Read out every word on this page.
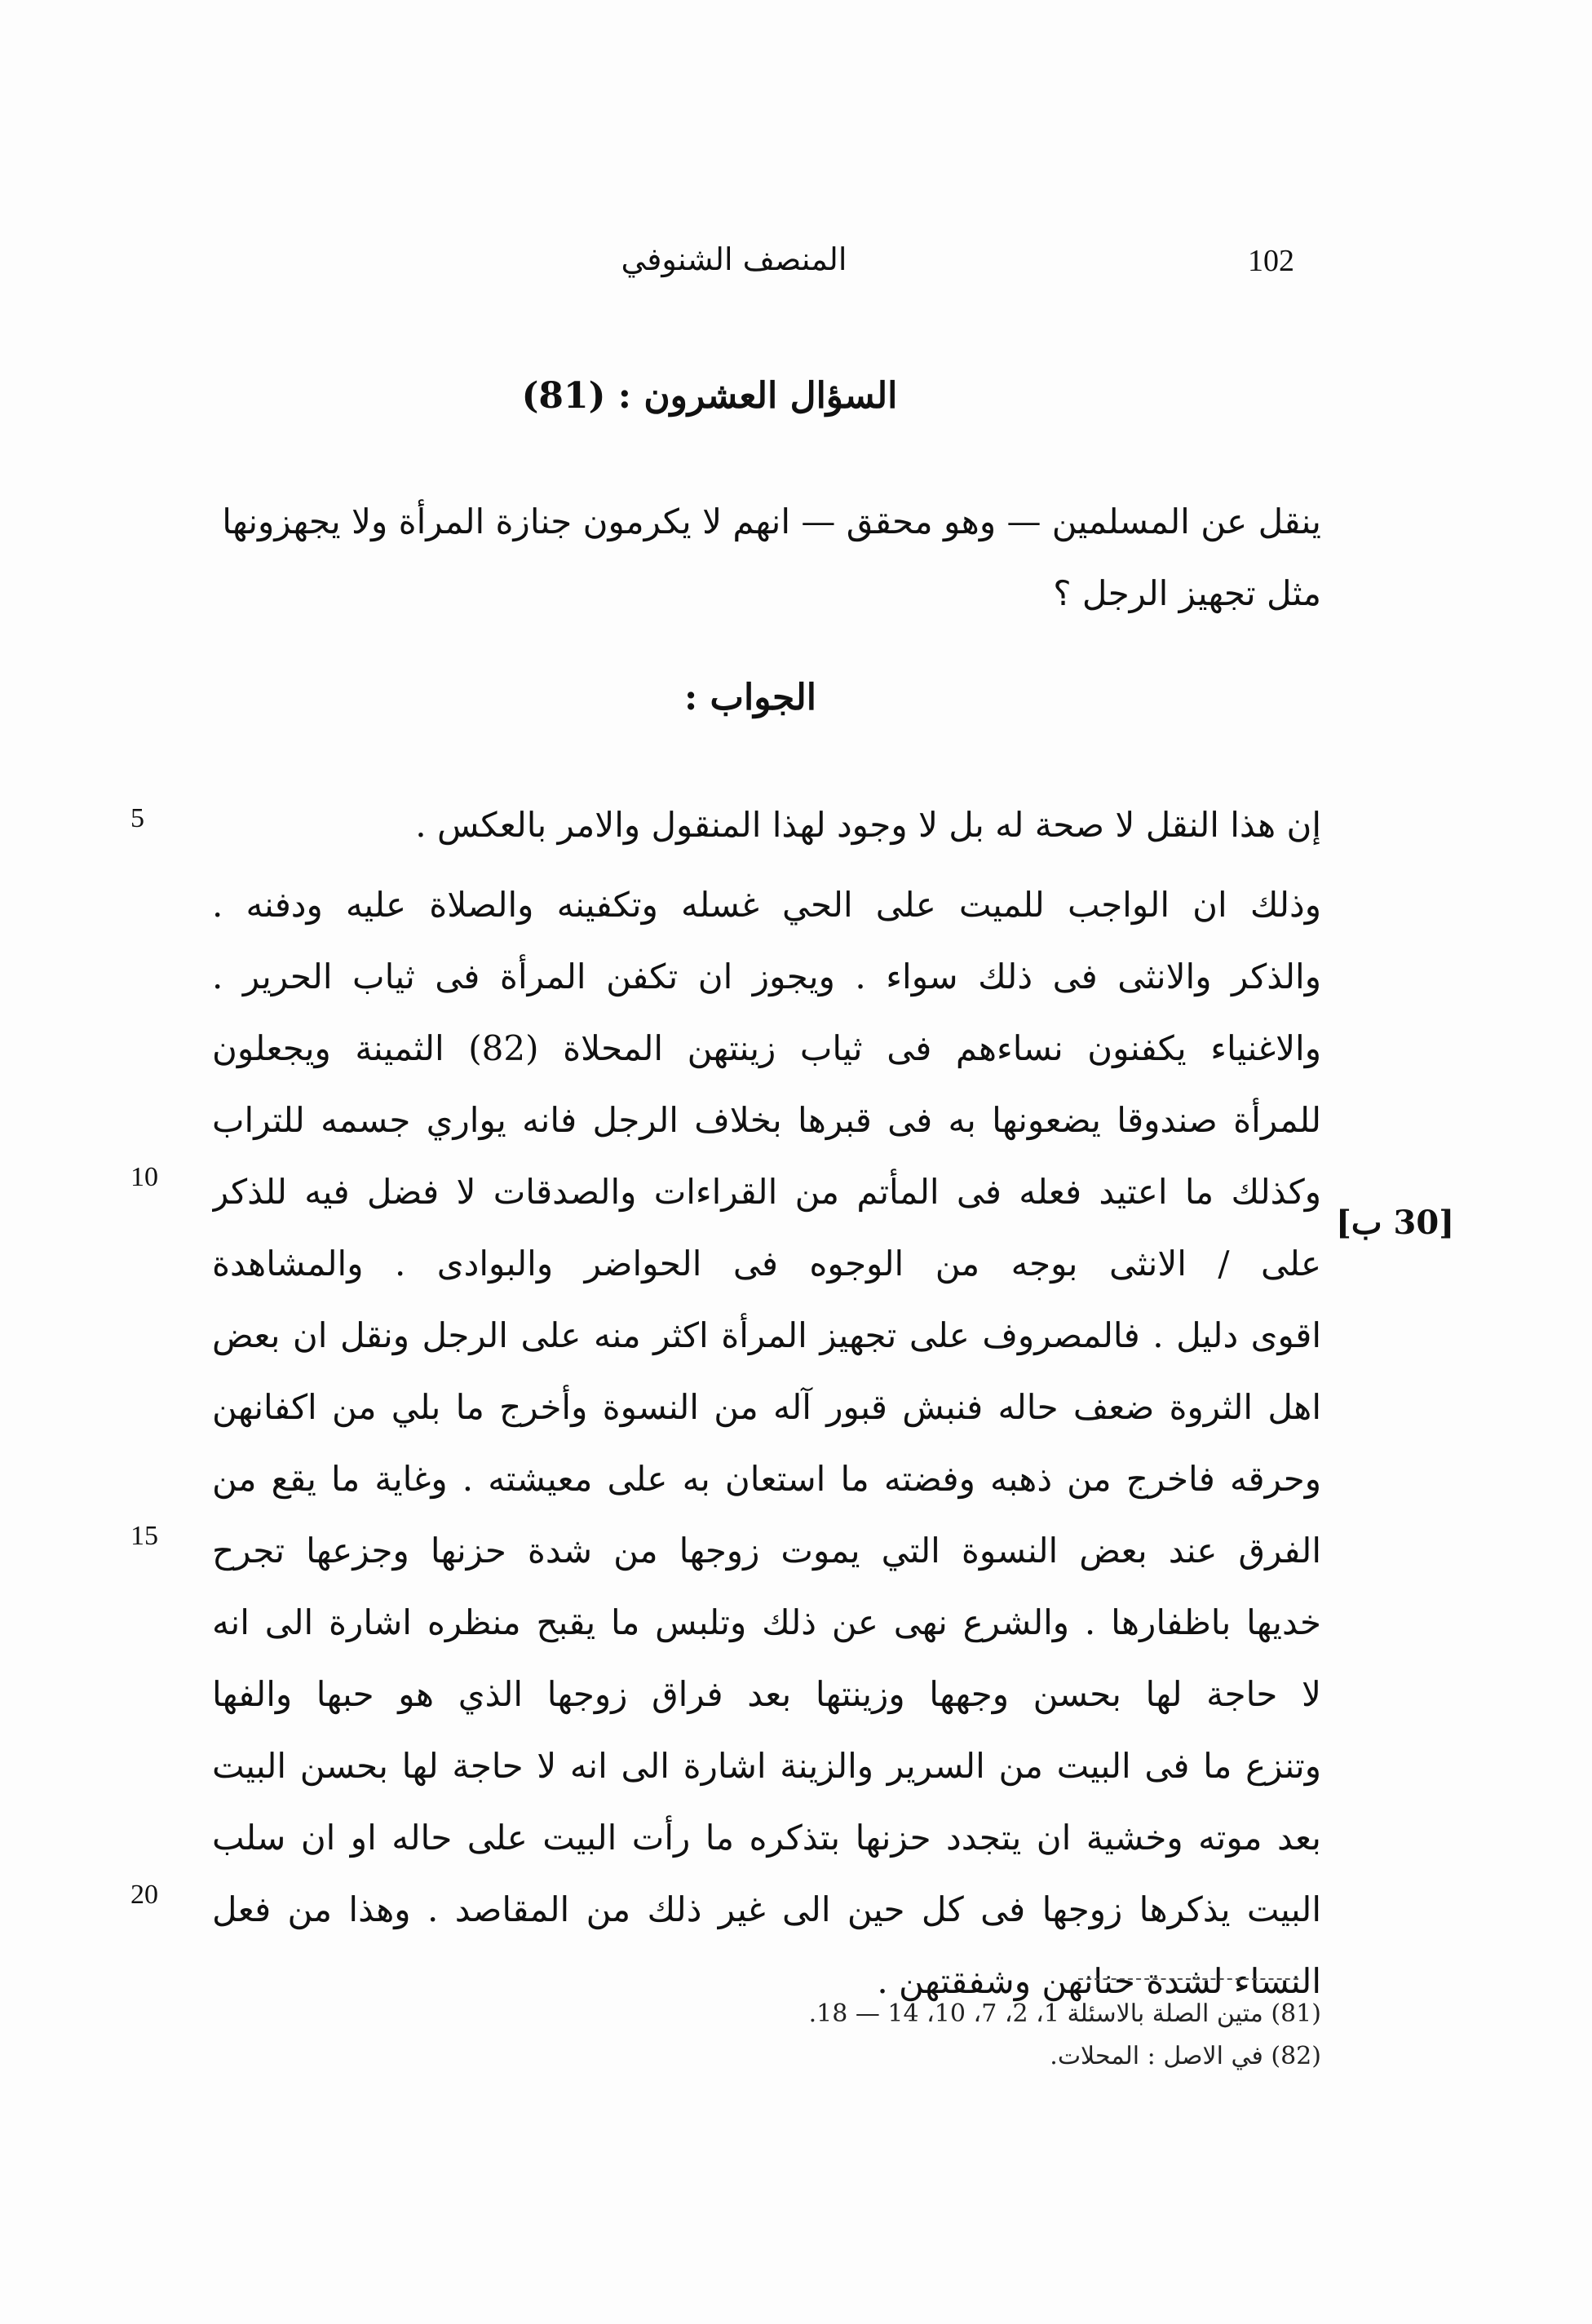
102
المنصف الشنوفي
السؤال العشرون : (81)
ينقل عن المسلمين — وهو محقق — انهم لا يكرمون جنازة المرأة ولا يجهزونها مثل تجهيز الرجل ؟
الجواب :
إن هذا النقل لا صحة له بل لا وجود لهذا المنقول والامر بالعكس .
وذلك ان الواجب للميت على الحي غسله وتكفينه والصلاة عليه ودفنه .
والذكر والانثى فى ذلك سواء . ويجوز ان تكفن المرأة فى ثياب الحرير .
والاغنياء يكفنون نساءهم فى ثياب زينتهن المحلاة (82) الثمينة ويجعلون
للمرأة صندوقا يضعونها به فى قبرها بخلاف الرجل فانه يواري جسمه للتراب
وكذلك ما اعتيد فعله فى المأتم من القراءات والصدقات لا فضل فيه للذكر
على / الانثى بوجه من الوجوه فى الحواضر والبوادى . والمشاهدة
اقوى دليل . فالمصروف على تجهيز المرأة اكثر منه على الرجل ونقل ان بعض
اهل الثروة ضعف حاله فنبش قبور آله من النسوة وأخرج ما بلي من اكفانهن
وحرقه فاخرج من ذهبه وفضته ما استعان به على معيشته . وغاية ما يقع من
الفرق عند بعض النسوة التي يموت زوجها من شدة حزنها وجزعها تجرح
خديها باظفارها . والشرع نهى عن ذلك وتلبس ما يقبح منظره اشارة الى انه
لا حاجة لها بحسن وجهها وزينتها بعد فراق زوجها الذي هو حبها والفها
وتنزع ما فى البيت من السرير والزينة اشارة الى انه لا حاجة لها بحسن البيت
بعد موته وخشية ان يتجدد حزنها بتذكره ما رأت البيت على حاله او ان سلب
البيت يذكرها زوجها فى كل حين الى غير ذلك من المقاصد . وهذا من فعل
النساء لشدة حنانهن وشفقتهن .
5
10
15
20
[30 ب]
(81) متين الصلة بالاسئلة 1، 2، 7، 10، 14 — 18.
(82) في الاصل : المحلات.
